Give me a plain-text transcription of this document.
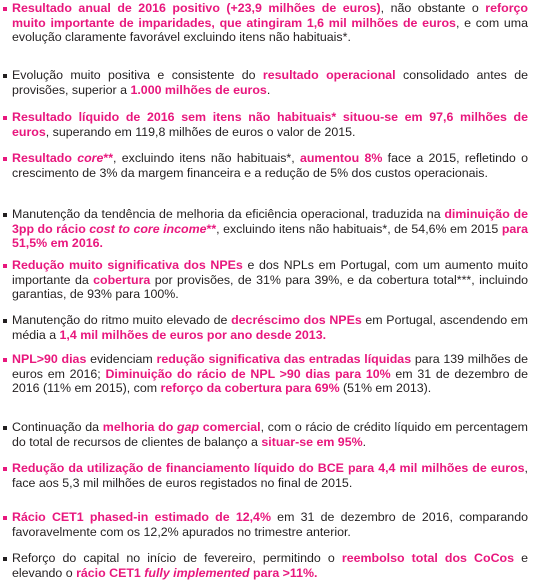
Resultado anual de 2016 positivo (+23,9 milhões de euros), não obstante o reforço muito importante de imparidades, que atingiram 1,6 mil milhões de euros, e com uma evolução claramente favorável excluindo itens não habituais*.
Evolução muito positiva e consistente do resultado operacional consolidado antes de provisões, superior a 1.000 milhões de euros.
Resultado líquido de 2016 sem itens não habituais* situou-se em 97,6 milhões de euros, superando em 119,8 milhões de euros o valor de 2015.
Resultado core**, excluindo itens não habituais*, aumentou 8% face a 2015, refletindo o crescimento de 3% da margem financeira e a redução de 5% dos custos operacionais.
Manutenção da tendência de melhoria da eficiência operacional, traduzida na diminuição de 3pp do rácio cost to core income**, excluindo itens não habituais*, de 54,6% em 2015 para 51,5% em 2016.
Redução muito significativa dos NPEs e dos NPLs em Portugal, com um aumento muito importante da cobertura por provisões, de 31% para 39%, e da cobertura total***, incluindo garantias, de 93% para 100%.
Manutenção do ritmo muito elevado de decréscimo dos NPEs em Portugal, ascendendo em média a 1,4 mil milhões de euros por ano desde 2013.
NPL>90 dias evidenciam redução significativa das entradas líquidas para 139 milhões de euros em 2016; Diminuição do rácio de NPL >90 dias para 10% em 31 de dezembro de 2016 (11% em 2015), com reforço da cobertura para 69% (51% em 2013).
Continuação da melhoria do gap comercial, com o rácio de crédito líquido em percentagem do total de recursos de clientes de balanço a situar-se em 95%.
Redução da utilização de financiamento líquido do BCE para 4,4 mil milhões de euros, face aos 5,3 mil milhões de euros registados no final de 2015.
Rácio CET1 phased-in estimado de 12,4% em 31 de dezembro de 2016, comparando favoravelmente com os 12,2% apurados no trimestre anterior.
Reforço do capital no início de fevereiro, permitindo o reembolso total dos CoCos e elevando o rácio CET1 fully implemented para >11%.
